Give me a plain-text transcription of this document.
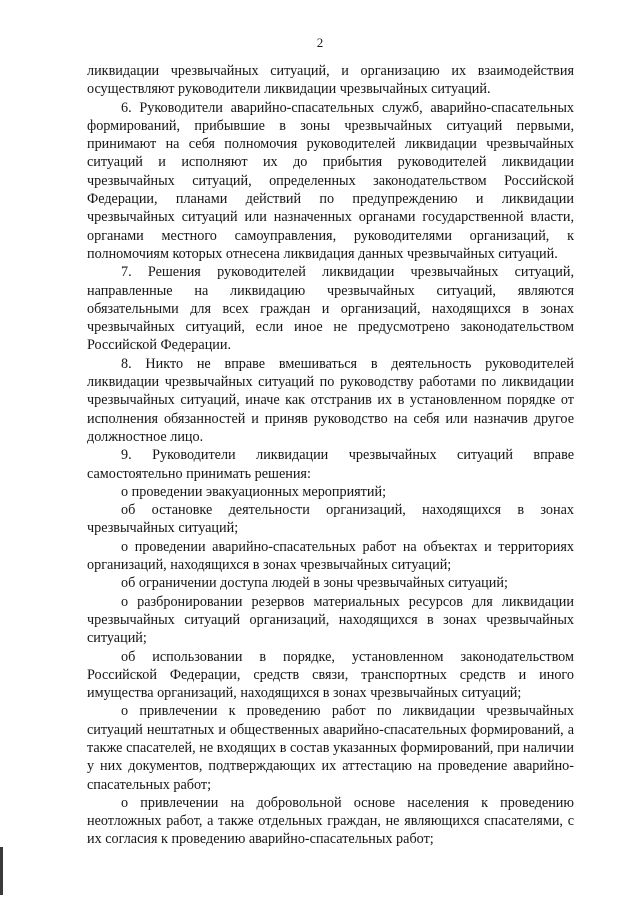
2

ликвидации чрезвычайных ситуаций, и организацию их взаимодействия осуществляют руководители ликвидации чрезвычайных ситуаций.

6. Руководители аварийно-спасательных служб, аварийно-спасательных формирований, прибывшие в зоны чрезвычайных ситуаций первыми, принимают на себя полномочия руководителей ликвидации чрезвычайных ситуаций и исполняют их до прибытия руководителей ликвидации чрезвычайных ситуаций, определенных законодательством Российской Федерации, планами действий по предупреждению и ликвидации чрезвычайных ситуаций или назначенных органами государственной власти, органами местного самоуправления, руководителями организаций, к полномочиям которых отнесена ликвидация данных чрезвычайных ситуаций.

7. Решения руководителей ликвидации чрезвычайных ситуаций, направленные на ликвидацию чрезвычайных ситуаций, являются обязательными для всех граждан и организаций, находящихся в зонах чрезвычайных ситуаций, если иное не предусмотрено законодательством Российской Федерации.

8. Никто не вправе вмешиваться в деятельность руководителей ликвидации чрезвычайных ситуаций по руководству работами по ликвидации чрезвычайных ситуаций, иначе как отстранив их в установленном порядке от исполнения обязанностей и приняв руководство на себя или назначив другое должностное лицо.

9. Руководители ликвидации чрезвычайных ситуаций вправе самостоятельно принимать решения:

о проведении эвакуационных мероприятий;

об остановке деятельности организаций, находящихся в зонах чрезвычайных ситуаций;

о проведении аварийно-спасательных работ на объектах и территориях организаций, находящихся в зонах чрезвычайных ситуаций;

об ограничении доступа людей в зоны чрезвычайных ситуаций;

о разбронировании резервов материальных ресурсов для ликвидации чрезвычайных ситуаций организаций, находящихся в зонах чрезвычайных ситуаций;

об использовании в порядке, установленном законодательством Российской Федерации, средств связи, транспортных средств и иного имущества организаций, находящихся в зонах чрезвычайных ситуаций;

о привлечении к проведению работ по ликвидации чрезвычайных ситуаций нештатных и общественных аварийно-спасательных формирований, а также спасателей, не входящих в состав указанных формирований, при наличии у них документов, подтверждающих их аттестацию на проведение аварийно-спасательных работ;

о привлечении на добровольной основе населения к проведению неотложных работ, а также отдельных граждан, не являющихся спасателями, с их согласия к проведению аварийно-спасательных работ;
